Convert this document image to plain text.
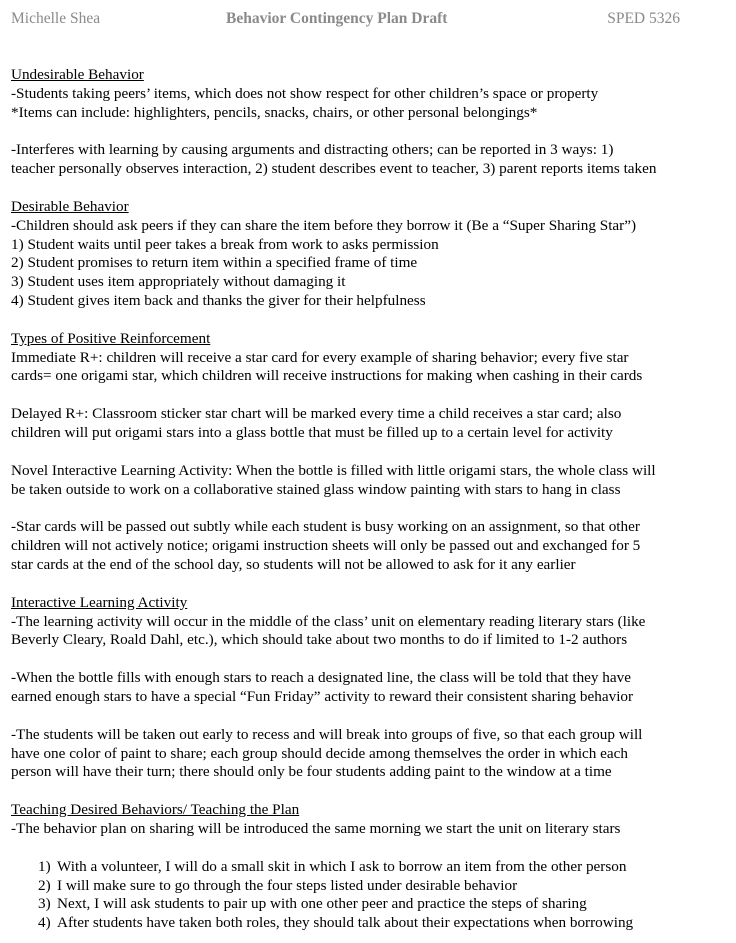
Michelle Shea	Behavior Contingency Plan Draft	SPED 5326

Undesirable Behavior

-Students taking peers’ items, which does not show respect for other children’s space or property

*Items can include: highlighters, pencils, snacks, chairs, or other personal belongings*

-Interferes with learning by causing arguments and distracting others; can be reported in 3 ways: 1)

teacher personally observes interaction, 2) student describes event to teacher, 3) parent reports items taken

Desirable Behavior

-Children should ask peers if they can share the item before they borrow it (Be a “Super Sharing Star”)

1) Student waits until peer takes a break from work to asks permission

2) Student promises to return item within a specified frame of time

3) Student uses item appropriately without damaging it

4) Student gives item back and thanks the giver for their helpfulness

Types of Positive Reinforcement

Immediate R+: children will receive a star card for every example of sharing behavior; every five star

cards= one origami star, which children will receive instructions for making when cashing in their cards

Delayed R+: Classroom sticker star chart will be marked every time a child receives a star card; also

children will put origami stars into a glass bottle that must be filled up to a certain level for activity

Novel Interactive Learning Activity: When the bottle is filled with little origami stars, the whole class will

be taken outside to work on a collaborative stained glass window painting with stars to hang in class

-Star cards will be passed out subtly while each student is busy working on an assignment, so that other

children will not actively notice; origami instruction sheets will only be passed out and exchanged for 5

star cards at the end of the school day, so students will not be allowed to ask for it any earlier

Interactive Learning Activity

-The learning activity will occur in the middle of the class’ unit on elementary reading literary stars (like

Beverly Cleary, Roald Dahl, etc.), which should take about two months to do if limited to 1-2 authors

-When the bottle fills with enough stars to reach a designated line, the class will be told that they have

earned enough stars to have a special “Fun Friday” activity to reward their consistent sharing behavior

-The students will be taken out early to recess and will break into groups of five, so that each group will

have one color of paint to share; each group should decide among themselves the order in which each

person will have their turn; there should only be four students adding paint to the window at a time

Teaching Desired Behaviors/ Teaching the Plan

-The behavior plan on sharing will be introduced the same morning we start the unit on literary stars

1) With a volunteer, I will do a small skit in which I ask to borrow an item from the other person
2) I will make sure to go through the four steps listed under desirable behavior
3) Next, I will ask students to pair up with one other peer and practice the steps of sharing
4) After students have taken both roles, they should talk about their expectations when borrowing
